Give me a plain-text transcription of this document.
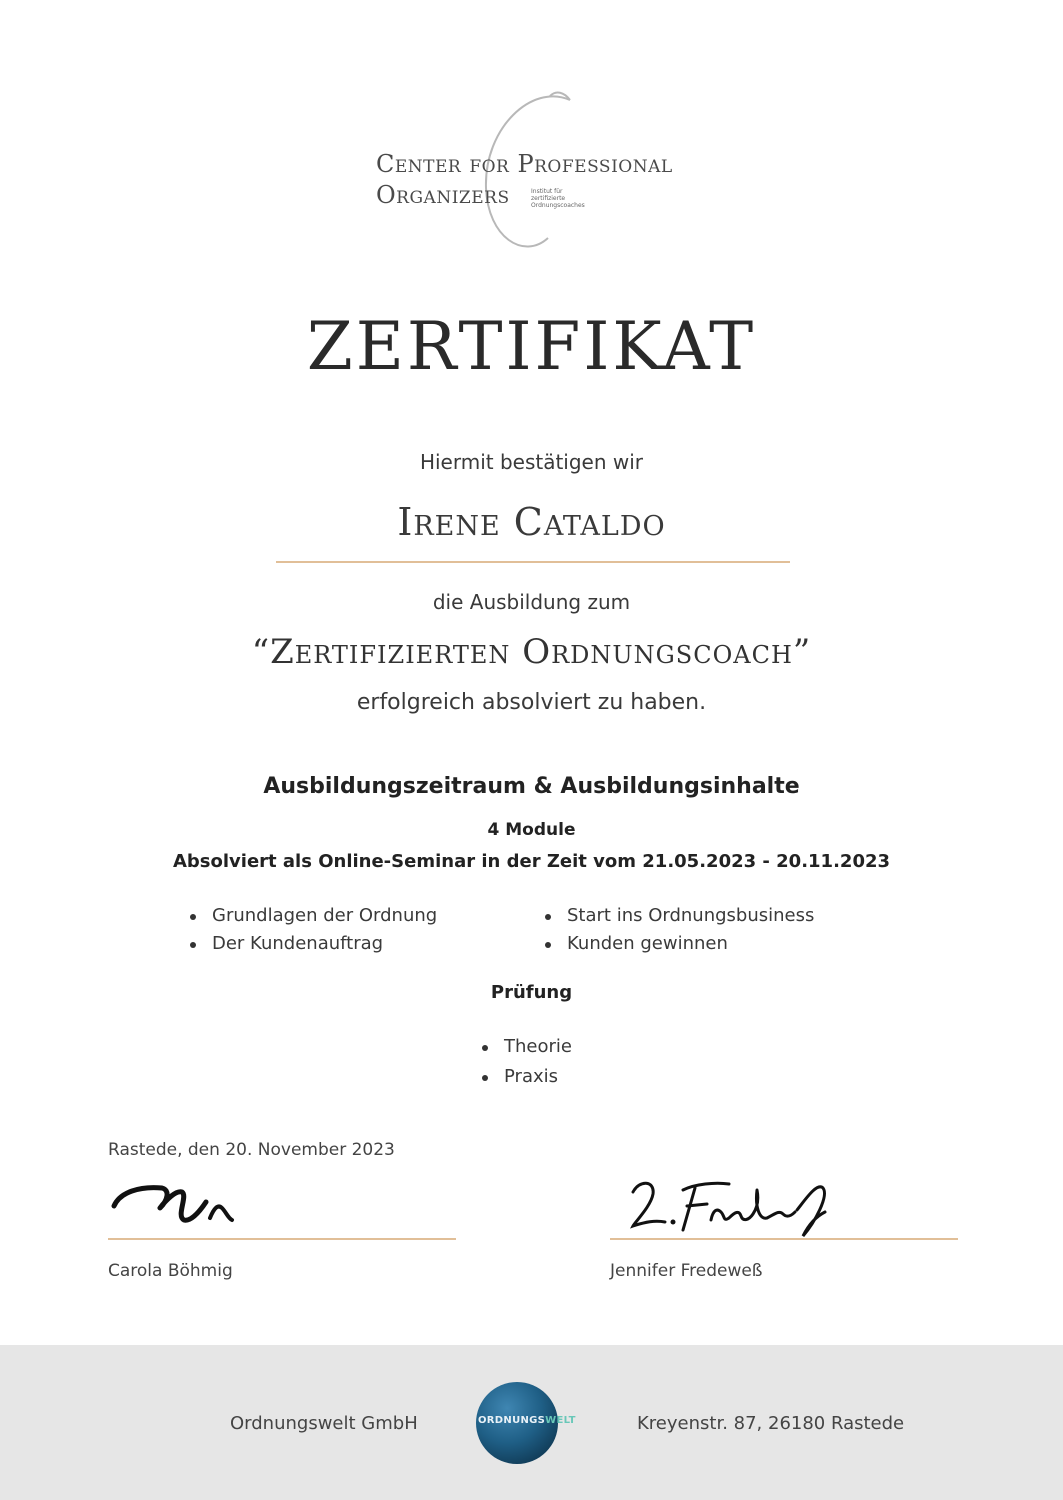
Center for Professional
Organizers	Institut für
zertifizierte
Ordnungscoaches
ZERTIFIKAT
Hiermit bestätigen wir
Irene Cataldo
die Ausbildung zum
“Zertifizierten Ordnungscoach”
erfolgreich absolviert zu haben.
Ausbildungszeitraum & Ausbildungsinhalte
4 Module
Absolviert als Online-Seminar in der Zeit vom 21.05.2023 - 20.11.2023
Grundlagen der Ordnung
Der Kundenauftrag
Start ins Ordnungsbusiness
Kunden gewinnen
Prüfung
Theorie
Praxis
Rastede, den 20. November 2023
Carola Böhmig	Jennifer Fredeweß
Ordnungswelt GmbH	ORDNUNGSWELT	Kreyenstr. 87, 26180 Rastede
